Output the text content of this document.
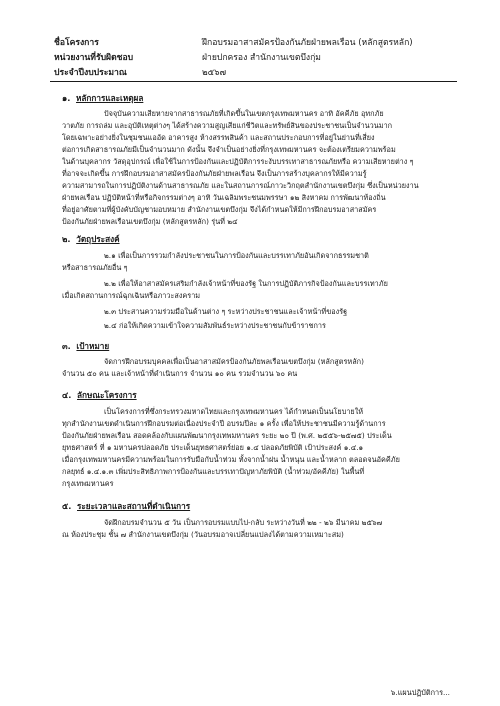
ชื่อโครงการ	ฝึกอบรมอาสาสมัครป้องกันภัยฝ่ายพลเรือน (หลักสูตรหลัก)
หน่วยงานที่รับผิดชอบ	ฝ่ายปกครอง สำนักงานเขตบึงกุ่ม
ประจำปีงบประมาณ	๒๕๖๗
๑. หลักการและเหตุผล
ปัจจุบันความเสียหายจากสาธารณภัยที่เกิดขึ้นในเขตกรุงเทพมหานคร อาทิ อัคคีภัย อุทกภัย
วาตภัย การถล่ม และอุบัติเหตุต่างๆ ได้สร้างความสูญเสียแก่ชีวิตและทรัพย์สินของประชาชนเป็นจำนวนมาก
โดยเฉพาะอย่างยิ่งในชุมชนแออัด อาคารสูง ห้างสรรพสินค้า และสถานประกอบการที่อยู่ในย่านที่เสี่ยง
ต่อการเกิดสาธารณภัยมีเป็นจำนวนมาก ดังนั้น จึงจำเป็นอย่างยิ่งที่กรุงเทพมหานคร จะต้องเตรียมความพร้อม
ในด้านบุคลากร วัสดุอุปกรณ์ เพื่อใช้ในการป้องกันและปฏิบัติการระงับบรรเทาสาธารณภัยหรือ ความเสียหายต่าง ๆ
ที่อาจจะเกิดขึ้น การฝึกอบรมอาสาสมัครป้องกันภัยฝ่ายพลเรือน จึงเป็นการสร้างบุคลากรให้มีความรู้
ความสามารถในการปฏิบัติงานด้านสาธารณภัย และในสถานการณ์ภาวะวิกฤตสำนักงานเขตบึงกุ่ม ซึ่งเป็นหน่วยงาน
ฝ่ายพลเรือน ปฏิบัติหน้าที่หรือกิจกรรมต่างๆ อาทิ วันเฉลิมพระชนมพรรษา ๑๒ สิงหาคม การพัฒนาท้องถิ่น
ที่อยู่อาศัยตามที่ผู้บังคับบัญชามอบหมาย สำนักงานเขตบึงกุ่ม จึงได้กำหนดให้มีการฝึกอบรมอาสาสมัคร
ป้องกันภัยฝ่ายพลเรือนเขตบึงกุ่ม (หลักสูตรหลัก) รุ่นที่ ๒๔
๒. วัตถุประสงค์
๒.๑ เพื่อเป็นการรวมกำลังประชาชนในการป้องกันและบรรเทาภัยอันเกิดจากธรรมชาติ
หรือสาธารณภัยอื่น ๆ
๒.๒ เพื่อให้อาสาสมัครเสริมกำลังเจ้าหน้าที่ของรัฐ ในการปฏิบัติภารกิจป้องกันและบรรเทาภัย
เมื่อเกิดสถานการณ์ฉุกเฉินหรือภาวะสงคราม
๒.๓ ประสานความร่วมมือในด้านต่าง ๆ ระหว่างประชาชนและเจ้าหน้าที่ของรัฐ
๒.๔ ก่อให้เกิดความเข้าใจความสัมพันธ์ระหว่างประชาชนกับข้าราชการ
๓. เป้าหมาย
จัดการฝึกอบรมบุคคลเพื่อเป็นอาสาสมัครป้องกันภัยพลเรือนเขตบึงกุ่ม (หลักสูตรหลัก)
จำนวน ๕๐ คน และเจ้าหน้าที่ดำเนินการ จำนวน ๑๐ คน รวมจำนวน ๖๐ คน
๔. ลักษณะโครงการ
เป็นโครงการที่ซึ่งกระทรวงมหาดไทยและกรุงเทพมหานคร ได้กำหนดเป็นนโยบายให้
ทุกสำนักงานเขตดำเนินการฝึกอบรมต่อเนื่องประจำปี อบรมปีละ ๑ ครั้ง เพื่อให้ประชาชนมีความรู้ด้านการ
ป้องกันภัยฝ่ายพลเรือน สอดคล้องกับแผนพัฒนากรุงเทพมหานคร ระยะ ๒๐ ปี (พ.ศ. ๒๕๕๖-๒๕๗๕) ประเด็น
ยุทธศาสตร์ ที่ ๑ มหานครปลอดภัย ประเด็นยุทธศาสตร์ย่อย ๑.๔ ปลอดภัยพิบัติ เป้าประสงค์ ๑.๔.๑
เมื่อกรุงเทพมหานครมีความพร้อมในการรับมือกับน้ำท่วม ทั้งจากน้ำฝน น้ำหนุน และน้ำหลาก ตลอดจนอัคคีภัย
กลยุทธ์ ๑.๔.๑.๓ เพิ่มประสิทธิภาพการป้องกันและบรรเทาปัญหาภัยพิบัติ (น้ำท่วม/อัคคีภัย) ในพื้นที่
กรุงเทพมหานคร
๕. ระยะเวลาและสถานที่ดำเนินการ
จัดฝึกอบรมจำนวน ๕ วัน เป็นการอบรมแบบไป-กลับ ระหว่างวันที่ ๒๒ - ๒๖ มีนาคม ๒๕๖๗
ณ ห้องประชุม ชั้น ๗ สำนักงานเขตบึงกุ่ม (วันอบรมอาจเปลี่ยนแปลงได้ตามความเหมาะสม)
๖.แผนปฏิบัติการ...
